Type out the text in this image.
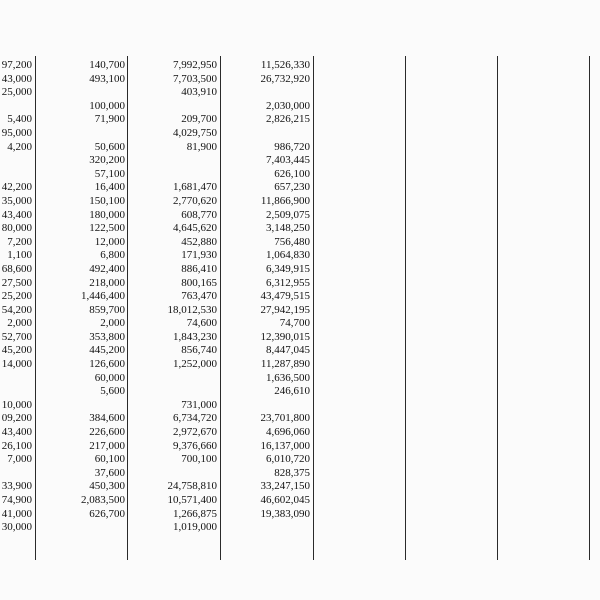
97,200
43,000
25,000
5,400
95,000
4,200
42,200
35,000
43,400
80,000
7,200
1,100
68,600
27,500
25,200
54,200
2,000
52,700
45,200
14,000
10,000
09,200
43,400
26,100
7,000
33,900
74,900
41,000
30,000
140,700
493,100
100,000
71,900
50,600
320,200
57,100
16,400
150,100
180,000
122,500
12,000
6,800
492,400
218,000
1,446,400
859,700
2,000
353,800
445,200
126,600
60,000
5,600
384,600
226,600
217,000
60,100
37,600
450,300
2,083,500
626,700
7,992,950
7,703,500
403,910
209,700
4,029,750
81,900
1,681,470
2,770,620
608,770
4,645,620
452,880
171,930
886,410
800,165
763,470
18,012,530
74,600
1,843,230
856,740
1,252,000
731,000
6,734,720
2,972,670
9,376,660
700,100
24,758,810
10,571,400
1,266,875
1,019,000
11,526,330
26,732,920
2,030,000
2,826,215
986,720
7,403,445
626,100
657,230
11,866,900
2,509,075
3,148,250
756,480
1,064,830
6,349,915
6,312,955
43,479,515
27,942,195
74,700
12,390,015
8,447,045
11,287,890
1,636,500
246,610
23,701,800
4,696,060
16,137,000
6,010,720
828,375
33,247,150
46,602,045
19,383,090
